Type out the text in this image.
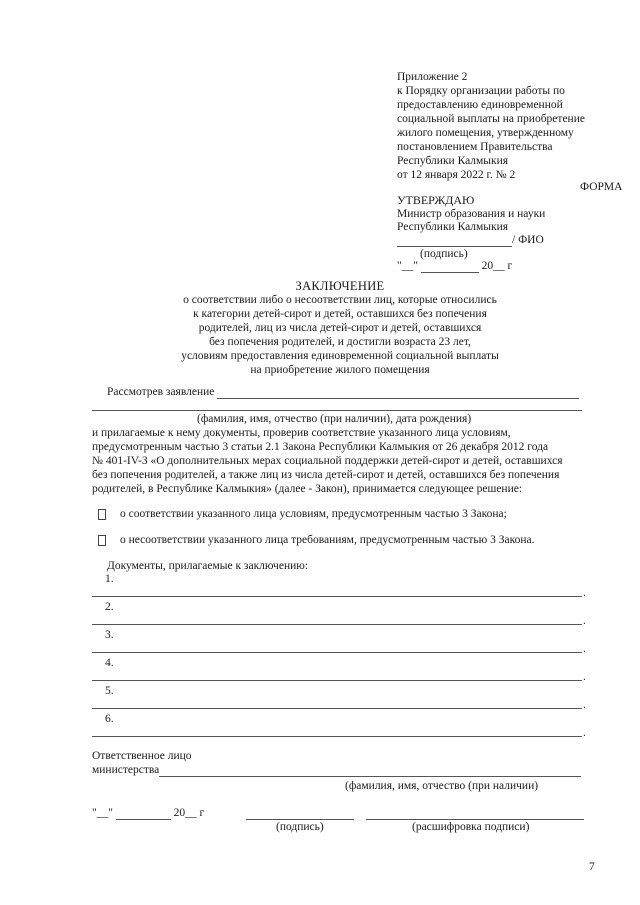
Приложение 2
к Порядку организации работы по
предоставлению единовременной
социальной выплаты на приобретение
жилого помещения, утвержденному
постановлением Правительства
Республики Калмыкия
от 12 января 2022 г. № 2
ФОРМА
УТВЕРЖДАЮ
Министр образования и науки
Республики Калмыкия
/ ФИО
(подпись)
"__"	20__ г
ЗАКЛЮЧЕНИЕ
о соответствии либо о несоответствии лиц, которые относились
к категории детей-сирот и детей, оставшихся без попечения
родителей, лиц из числа детей-сирот и детей, оставшихся
без попечения родителей, и достигли возраста 23 лет,
условиям предоставления единовременной социальной выплаты
на приобретение жилого помещения
Рассмотрев заявление
(фамилия, имя, отчество (при наличии), дата рождения)
и прилагаемые к нему документы, проверив соответствие указанного лица условиям,
предусмотренным частью 3 статьи 2.1 Закона Республики Калмыкия от 26 декабря 2012 года
№ 401-IV-З «О дополнительных мерах социальной поддержки детей-сирот и детей, оставшихся
без попечения родителей, а также лиц из числа детей-сирот и детей, оставшихся без попечения
родителей, в Республике Калмыкия» (далее - Закон), принимается следующее решение:
о соответствии указанного лица условиям, предусмотренным частью 3 Закона;
о несоответствии указанного лица требованиям, предусмотренным частью 3 Закона.
Документы, прилагаемые к заключению:
1.
.
2.
.
3.
.
4.
.
5.
.
6.
.
Ответственное лицо
министерства
(фамилия, имя, отчество (при наличии)
"__"	20__ г
(подпись)	(расшифровка подписи)
7
